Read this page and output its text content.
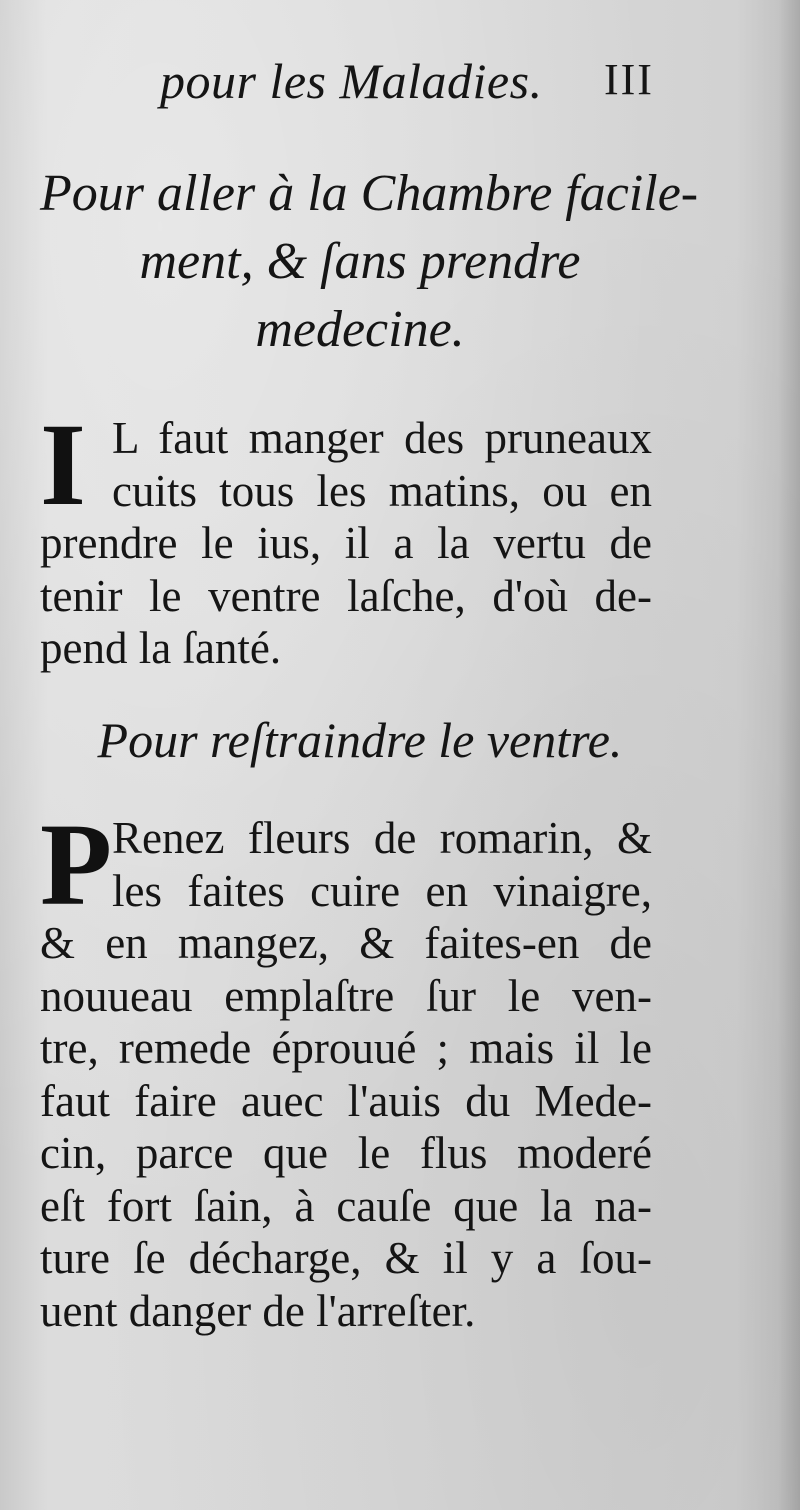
pour les Maladies. III
Pour aller à la Chambre facile-
ment, & ſans prendre
medecine.
I L faut manger des pruneaux
cuits tous les matins, ou en
prendre le ius, il a la vertu de
tenir le ventre laſche, d'où de-
pend la ſanté.
Pour reſtraindre le ventre.
P Renez fleurs de romarin, &
les faites cuire en vinaigre,
& en mangez, & faites-en de
nouueau emplaſtre ſur le ven-
tre, remede éprouué ; mais il le
faut faire auec l'auis du Mede-
cin, parce que le flus moderé
eſt fort ſain, à cauſe que la na-
ture ſe décharge, & il y a ſou-
uent danger de l'arreſter.
